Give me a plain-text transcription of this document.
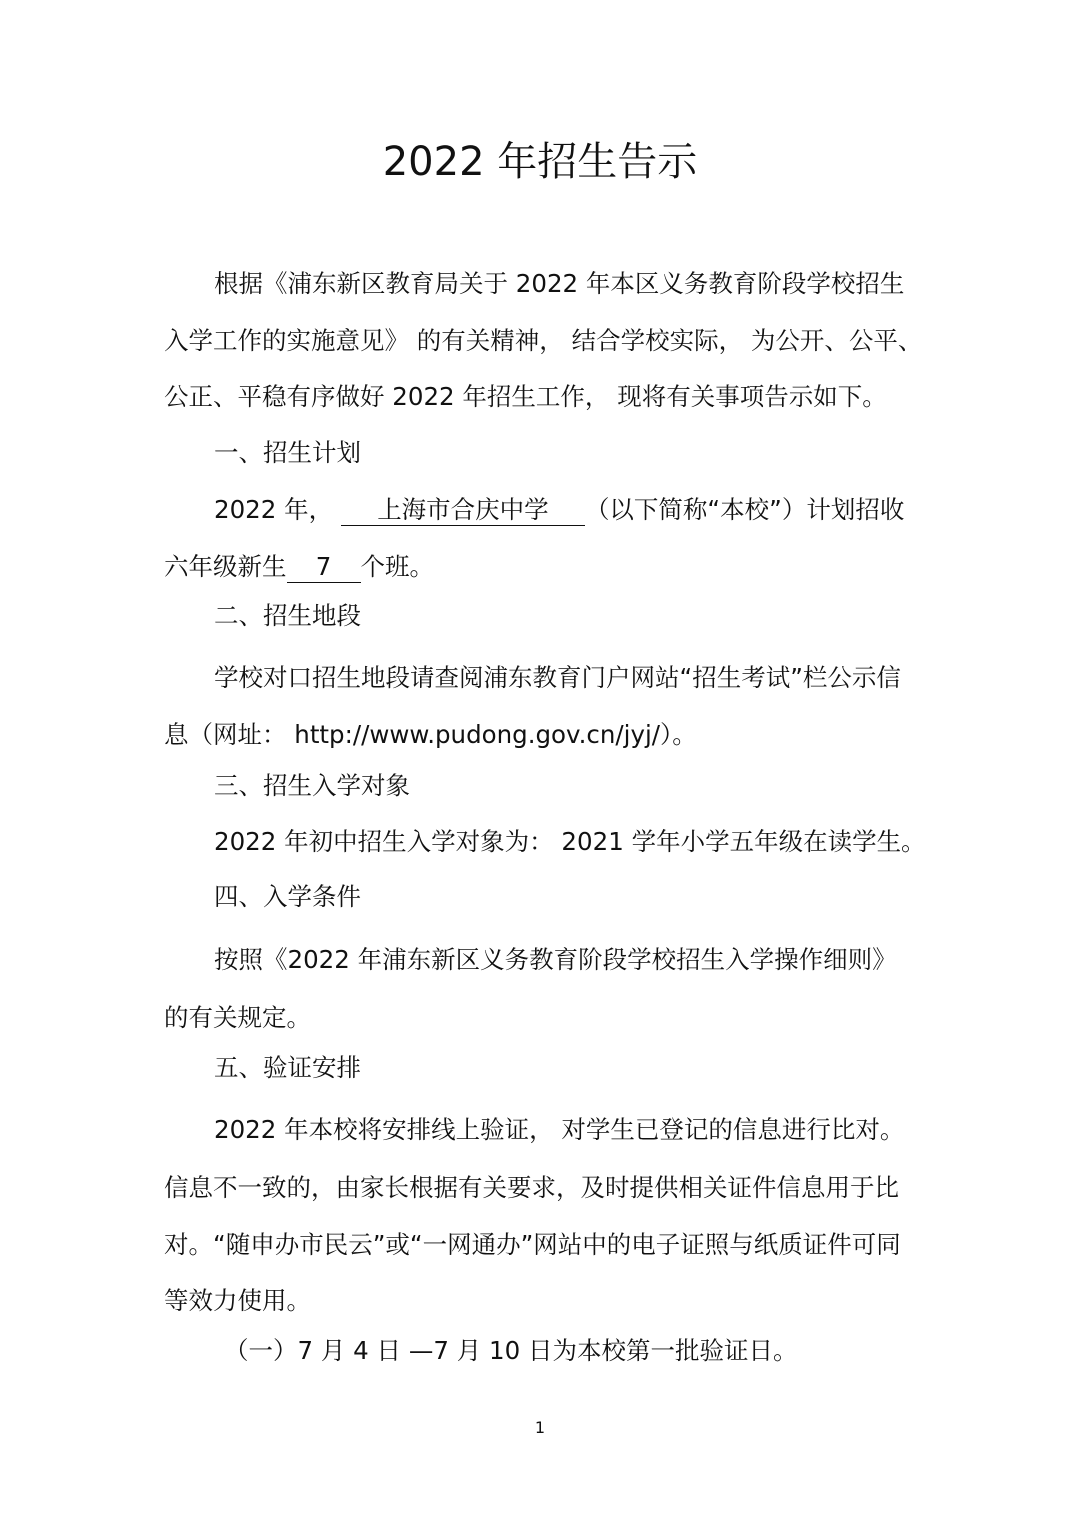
2022 年招生告示
根据《浦东新区教育局关于 2022 年本区义务教育阶段学校招生
入学工作的实施意见》 的有关精神， 结合学校实际， 为公开、公平、
公正、平稳有序做好 2022 年招生工作， 现将有关事项告示如下。
一、招生计划
2022 年， 上海市合庆中学 （以下简称“本校”）计划招收
六年级新生 7 个班。
二、招生地段
学校对口招生地段请查阅浦东教育门户网站“招生考试”栏公示信
息（网址： http://www.pudong.gov.cn/jyj/）。
三、招生入学对象
2022 年初中招生入学对象为： 2021 学年小学五年级在读学生。
四、入学条件
按照《2022 年浦东新区义务教育阶段学校招生入学操作细则》
的有关规定。
五、验证安排
2022 年本校将安排线上验证， 对学生已登记的信息进行比对。
信息不一致的，由家长根据有关要求，及时提供相关证件信息用于比
对。“随申办市民云”或“一网通办”网站中的电子证照与纸质证件可同
等效力使用。
（一）7 月 4 日 —7 月 10 日为本校第一批验证日。
1
